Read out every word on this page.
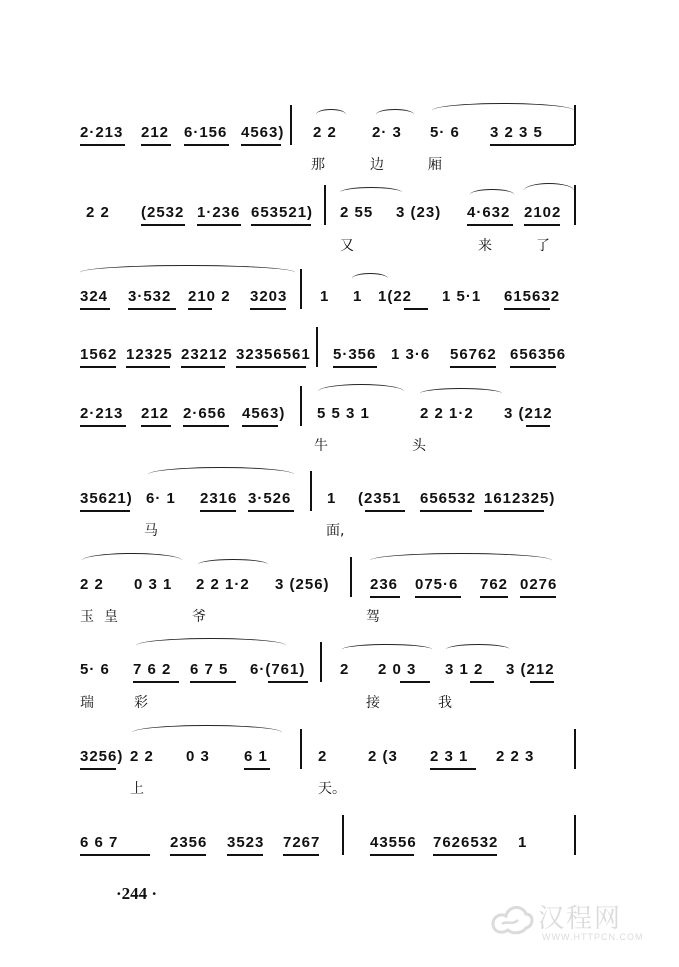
2·213 212 6·156 4563) 2 2 2· 3 5· 6 3 2 3 5
那	边	厢
2 2 (2532 1·236 653521) 2 55 3 (23) 4·632 2102
又	来	了
324 3·532 210 2 3203 1 1 1(22 1 5·1 615632
1562 12325 23212 32356561 5·356 1 3·6 56762 656356
2·213 212 2·656 4563) 5 5 3 1	2 2 1·2 3 (212
牛	头
35621) 6· 1 2316 3·526 1 (2351 656532 1612325)
马	面,
2 2 0 3 1 2 2 1·2 3 (256)	236 075·6 762 0276
玉 皇	爷	驾
5· 6 7 6 2 6 7 5 6·(761) 2 2 0 3 3 1 2 3 (212
瑞	彩	接	我
3256) 2 2 0 3 6 1	2	2 (3 2 3 1 2 2 3
上	天。
6 6 7	2356 3523 7267	43556 7626532 1
·244 ·
汉程网
WWW.HTTPCN.COM
